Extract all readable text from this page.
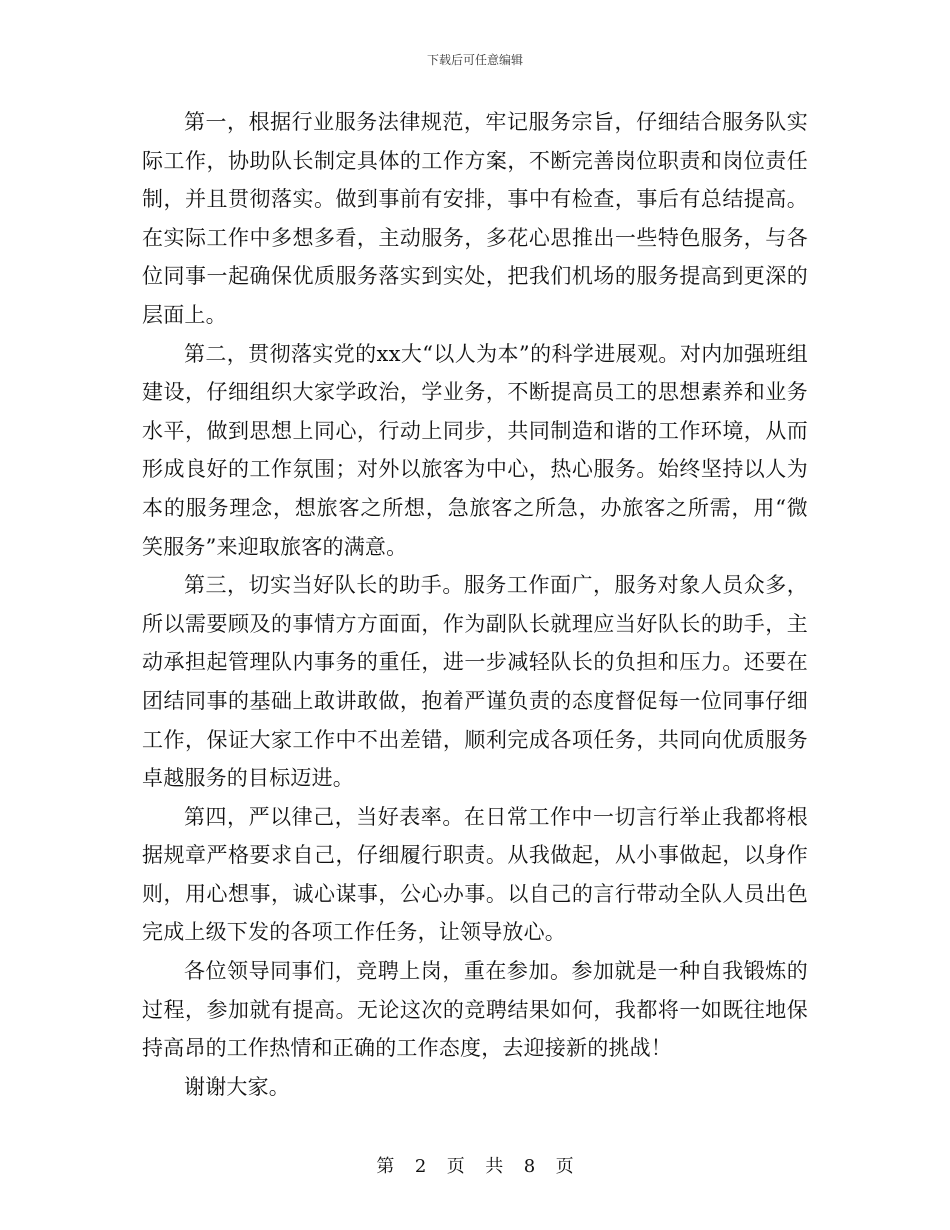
下载后可任意编辑

第一，根据行业服务法律规范，牢记服务宗旨，仔细结合服务队实际工作，协助队长制定具体的工作方案，不断完善岗位职责和岗位责任制，并且贯彻落实。做到事前有安排，事中有检查，事后有总结提高。在实际工作中多想多看，主动服务，多花心思推出一些特色服务，与各位同事一起确保优质服务落实到实处，把我们机场的服务提高到更深的层面上。

第二，贯彻落实党的xx大“以人为本”的科学进展观。对内加强班组建设，仔细组织大家学政治，学业务，不断提高员工的思想素养和业务水平，做到思想上同心，行动上同步，共同制造和谐的工作环境，从而形成良好的工作氛围；对外以旅客为中心，热心服务。始终坚持以人为本的服务理念，想旅客之所想，急旅客之所急，办旅客之所需，用“微笑服务”来迎取旅客的满意。

第三，切实当好队长的助手。服务工作面广，服务对象人员众多，所以需要顾及的事情方方面面，作为副队长就理应当好队长的助手，主动承担起管理队内事务的重任，进一步减轻队长的负担和压力。还要在团结同事的基础上敢讲敢做，抱着严谨负责的态度督促每一位同事仔细工作，保证大家工作中不出差错，顺利完成各项任务，共同向优质服务卓越服务的目标迈进。

第四，严以律己，当好表率。在日常工作中一切言行举止我都将根据规章严格要求自己，仔细履行职责。从我做起，从小事做起，以身作则，用心想事，诚心谋事，公心办事。以自己的言行带动全队人员出色完成上级下发的各项工作任务，让领导放心。

各位领导同事们，竞聘上岗，重在参加。参加就是一种自我锻炼的过程，参加就有提高。无论这次的竞聘结果如何，我都将一如既往地保持高昂的工作热情和正确的工作态度，去迎接新的挑战！

谢谢大家。

第 2 页 共 8 页
